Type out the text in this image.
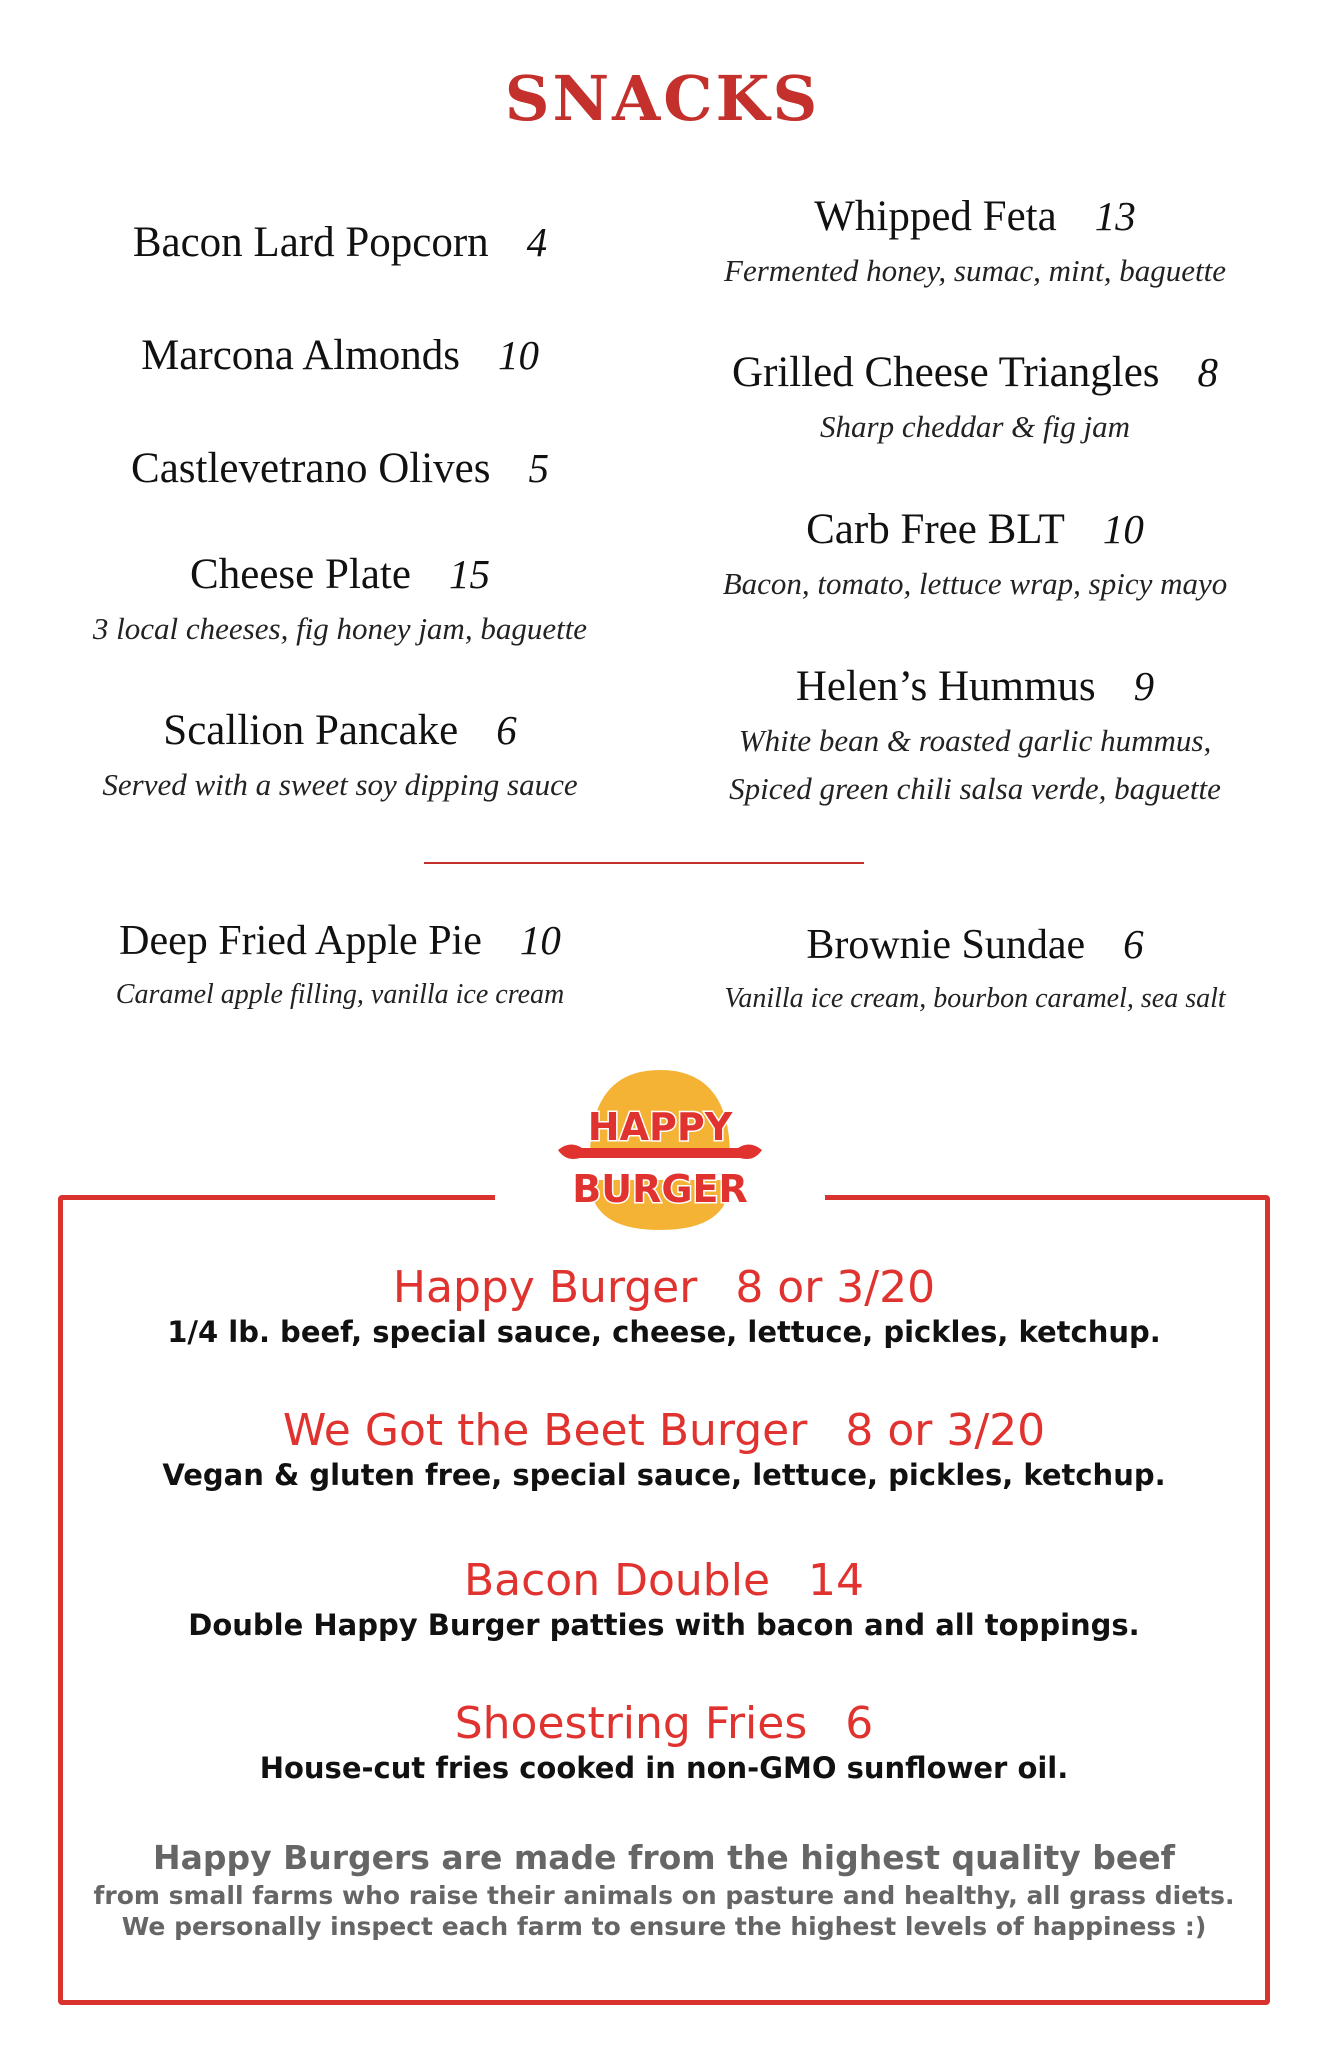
SNACKS
Bacon Lard Popcorn 4
Marcona Almonds 10
Castlevetrano Olives 5
Cheese Plate 15
3 local cheeses, fig honey jam, baguette
Scallion Pancake 6
Served with a sweet soy dipping sauce
Whipped Feta 13
Fermented honey, sumac, mint, baguette
Grilled Cheese Triangles 8
Sharp cheddar & fig jam
Carb Free BLT 10
Bacon, tomato, lettuce wrap, spicy mayo
Helen’s Hummus 9
White bean & roasted garlic hummus,
Spiced green chili salsa verde, baguette
Deep Fried Apple Pie 10
Caramel apple filling, vanilla ice cream
Brownie Sundae 6
Vanilla ice cream, bourbon caramel, sea salt
HAPPY
BURGER
Happy Burger 8 or 3/20
1/4 lb. beef, special sauce, cheese, lettuce, pickles, ketchup.
We Got the Beet Burger 8 or 3/20
Vegan & gluten free, special sauce, lettuce, pickles, ketchup.
Bacon Double 14
Double Happy Burger patties with bacon and all toppings.
Shoestring Fries 6
House-cut fries cooked in non-GMO sunflower oil.
Happy Burgers are made from the highest quality beef
from small farms who raise their animals on pasture and healthy, all grass diets.
We personally inspect each farm to ensure the highest levels of happiness :)
